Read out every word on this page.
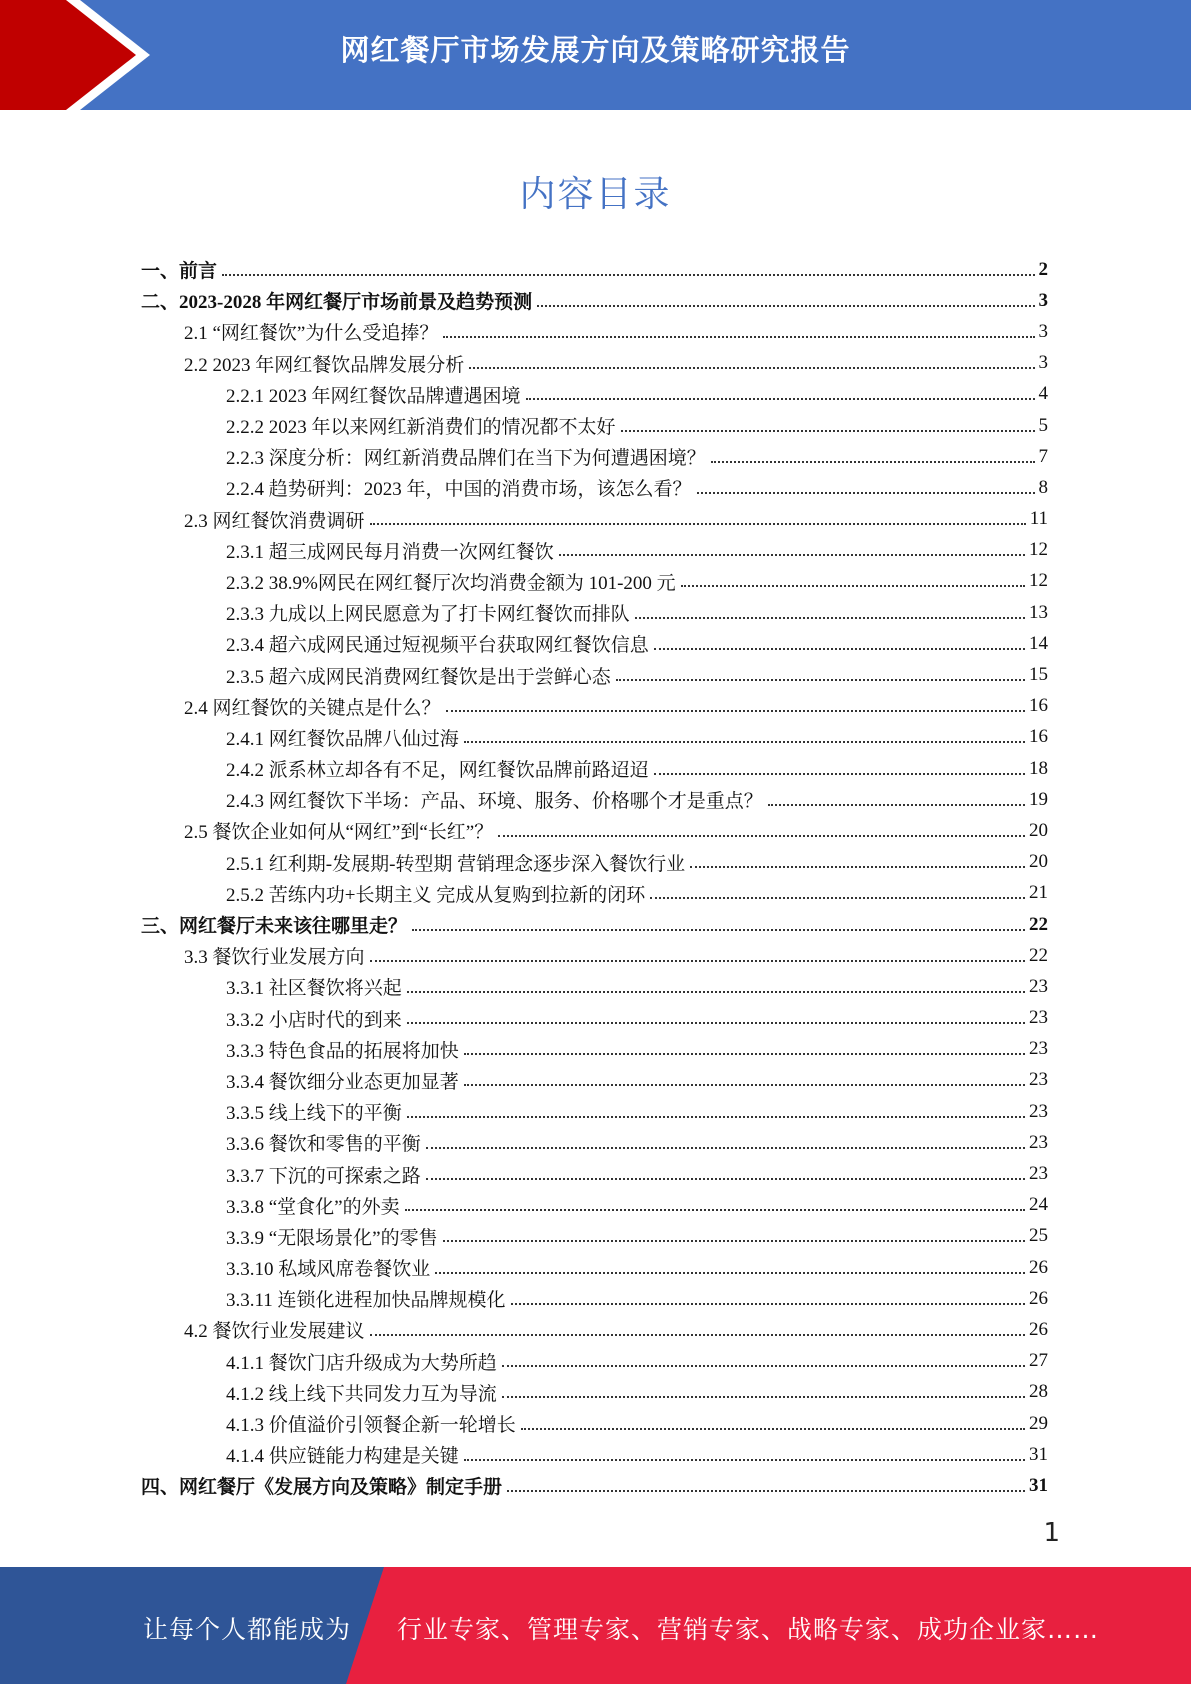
网红餐厅市场发展方向及策略研究报告
内容目录
一、前言	2
二、2023-2028 年网红餐厅市场前景及趋势预测	3
2.1 “网红餐饮”为什么受追捧？	3
2.2 2023 年网红餐饮品牌发展分析	3
2.2.1 2023 年网红餐饮品牌遭遇困境	4
2.2.2 2023 年以来网红新消费们的情况都不太好	5
2.2.3 深度分析：网红新消费品牌们在当下为何遭遇困境？	7
2.2.4 趋势研判：2023 年，中国的消费市场，该怎么看？	8
2.3 网红餐饮消费调研	11
2.3.1 超三成网民每月消费一次网红餐饮	12
2.3.2 38.9%网民在网红餐厅次均消费金额为 101-200 元	12
2.3.3 九成以上网民愿意为了打卡网红餐饮而排队	13
2.3.4 超六成网民通过短视频平台获取网红餐饮信息	14
2.3.5 超六成网民消费网红餐饮是出于尝鲜心态	15
2.4 网红餐饮的关键点是什么？	16
2.4.1 网红餐饮品牌八仙过海	16
2.4.2 派系林立却各有不足，网红餐饮品牌前路迢迢	18
2.4.3 网红餐饮下半场：产品、环境、服务、价格哪个才是重点？	19
2.5 餐饮企业如何从“网红”到“长红”？	20
2.5.1 红利期-发展期-转型期 营销理念逐步深入餐饮行业	20
2.5.2 苦练内功+长期主义 完成从复购到拉新的闭环	21
三、网红餐厅未来该往哪里走？	22
3.3 餐饮行业发展方向	22
3.3.1 社区餐饮将兴起	23
3.3.2 小店时代的到来	23
3.3.3 特色食品的拓展将加快	23
3.3.4 餐饮细分业态更加显著	23
3.3.5 线上线下的平衡	23
3.3.6 餐饮和零售的平衡	23
3.3.7 下沉的可探索之路	23
3.3.8 “堂食化”的外卖	24
3.3.9 “无限场景化”的零售	25
3.3.10 私域风席卷餐饮业	26
3.3.11 连锁化进程加快品牌规模化	26
4.2 餐饮行业发展建议	26
4.1.1 餐饮门店升级成为大势所趋	27
4.1.2 线上线下共同发力互为导流	28
4.1.3 价值溢价引领餐企新一轮增长	29
4.1.4 供应链能力构建是关键	31
四、网红餐厅《发展方向及策略》制定手册	31
1
让每个人都能成为 行业专家、管理专家、营销专家、战略专家、成功企业家……
